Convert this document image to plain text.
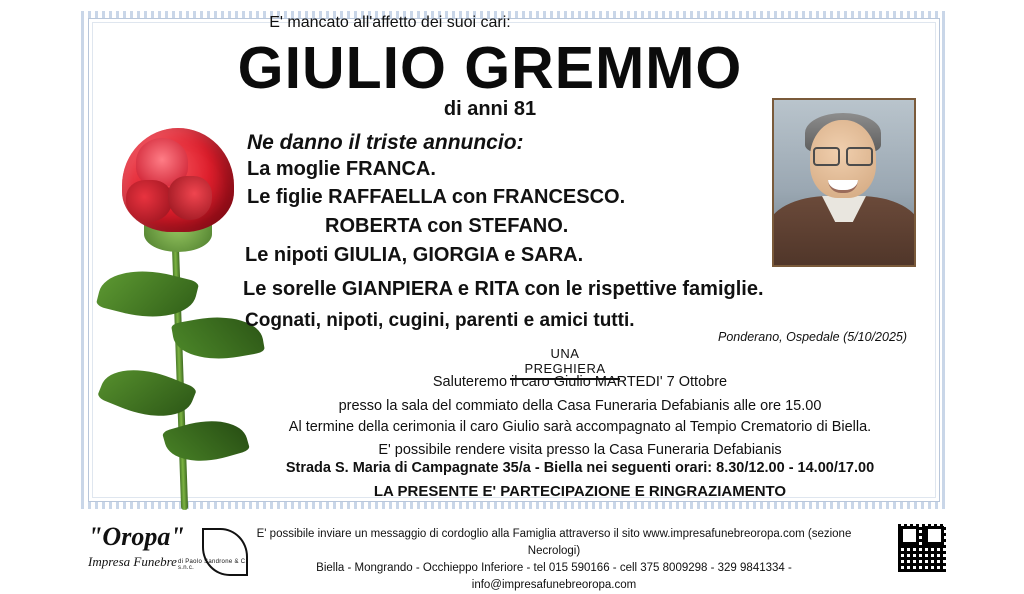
E' mancato all'affetto dei suoi cari:
GIULIO GREMMO
di anni 81
Ne danno il triste annuncio:
La moglie FRANCA.
Le figlie RAFFAELLA con FRANCESCO.
ROBERTA con STEFANO.
Le nipoti GIULIA, GIORGIA e SARA.
Le sorelle GIANPIERA e RITA con le rispettive famiglie.
Cognati, nipoti, cugini, parenti e amici tutti.
Ponderano, Ospedale (5/10/2025)
UNA PREGHIERA
Saluteremo il caro Giulio MARTEDI' 7 Ottobre
presso la sala del commiato della Casa Funeraria Defabianis alle ore 15.00
Al termine della cerimonia il caro Giulio sarà accompagnato al Tempio Crematorio di Biella.
E' possibile rendere visita presso la Casa Funeraria Defabianis
Strada S. Maria di Campagnate 35/a - Biella nei seguenti orari: 8.30/12.00 - 14.00/17.00
LA PRESENTE E' PARTECIPAZIONE E RINGRAZIAMENTO
"Oropa"
Impresa Funebre di Paolo Sandrone & C. s.n.c.
E' possibile inviare un messaggio di cordoglio alla Famiglia attraverso il sito www.impresafunebreoropa.com (sezione Necrologi)
Biella - Mongrando - Occhieppo Inferiore - tel 015 590166 - cell 375 8009298 - 329 9841334 - info@impresafunebreoropa.com
